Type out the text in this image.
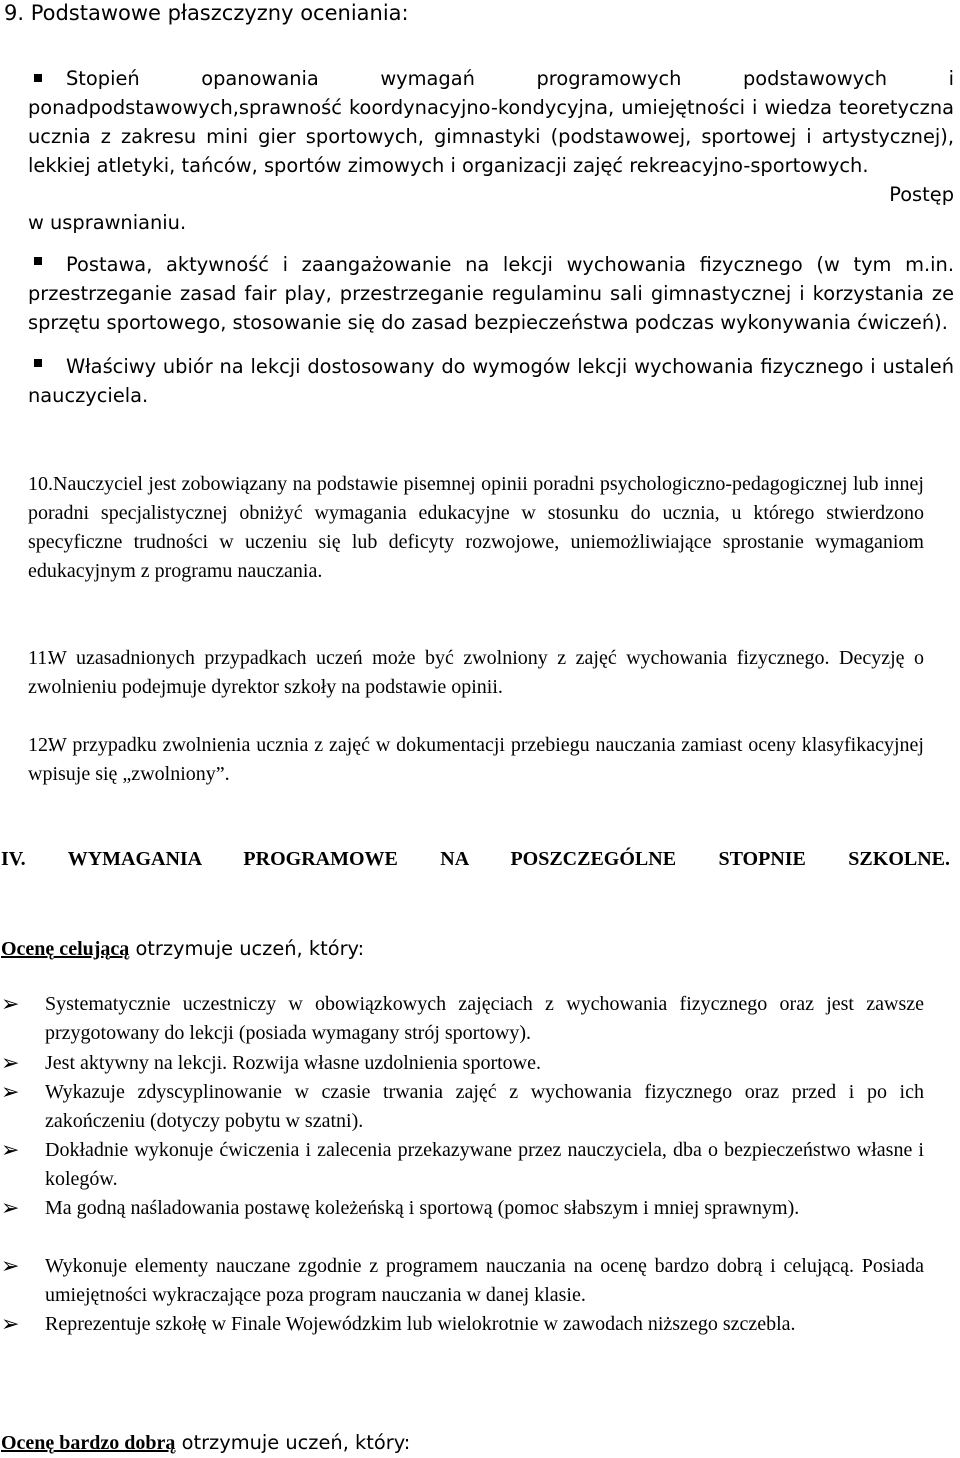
9. Podstawowe płaszczyzny oceniania:

Stopień opanowania wymagań programowych podstawowych i ponadpodstawowych,sprawność koordynacyjno-kondycyjna, umiejętności i wiedza teoretyczna ucznia z zakresu mini gier sportowych, gimnastyki (podstawowej, sportowej i artystycznej), lekkiej atletyki, tańców, sportów zimowych i organizacji zajęć rekreacyjno-sportowych.

Postęp
w usprawnianiu.

Postawa, aktywność i zaangażowanie na lekcji wychowania fizycznego (w tym m.in. przestrzeganie zasad fair play, przestrzeganie regulaminu sali gimnastycznej i korzystania ze sprzętu sportowego, stosowanie się do zasad bezpieczeństwa podczas wykonywania ćwiczeń).

Właściwy ubiór na lekcji dostosowany do wymogów lekcji wychowania fizycznego i ustaleń nauczyciela.

10. Nauczyciel jest zobowiązany na podstawie pisemnej opinii poradni psychologiczno-pedagogicznej lub innej poradni specjalistycznej obniżyć wymagania edukacyjne w stosunku do ucznia, u którego stwierdzono specyficzne trudności w uczeniu się lub deficyty rozwojowe, uniemożliwiające sprostanie wymaganiom edukacyjnym z programu nauczania.

11.

W uzasadnionych przypadkach uczeń może być zwolniony z zajęć wychowania fizycznego. Decyzję o zwolnieniu podejmuje dyrektor szkoły na podstawie opinii.

12.

W przypadku zwolnienia ucznia z zajęć w dokumentacji przebiegu nauczania zamiast oceny klasyfikacyjnej wpisuje się „zwolniony”.

IV. WYMAGANIA PROGRAMOWE NA POSZCZEGÓLNE STOPNIE SZKOLNE.
Ocenę celującą otrzymuje uczeń, który:
➢ Systematycznie uczestniczy w obowiązkowych zajęciach z wychowania fizycznego oraz jest zawsze przygotowany do lekcji (posiada wymagany strój sportowy).

➢ Jest aktywny na lekcji. Rozwija własne uzdolnienia sportowe.

➢ Wykazuje zdyscyplinowanie w czasie trwania zajęć z wychowania fizycznego oraz przed i po ich zakończeniu (dotyczy pobytu w szatni).

➢ Dokładnie wykonuje ćwiczenia i zalecenia przekazywane przez nauczyciela, dba o bezpieczeństwo własne i kolegów.

➢ Ma godną naśladowania postawę koleżeńską i sportową (pomoc słabszym i mniej sprawnym).

➢ Wykonuje elementy nauczane zgodnie z programem nauczania na ocenę bardzo dobrą i celującą. Posiada umiejętności wykraczające poza program nauczania w danej klasie.

➢ Reprezentuje szkołę w Finale Wojewódzkim lub wielokrotnie w zawodach niższego szczebla.

Ocenę bardzo dobrą otrzymuje uczeń, który:
